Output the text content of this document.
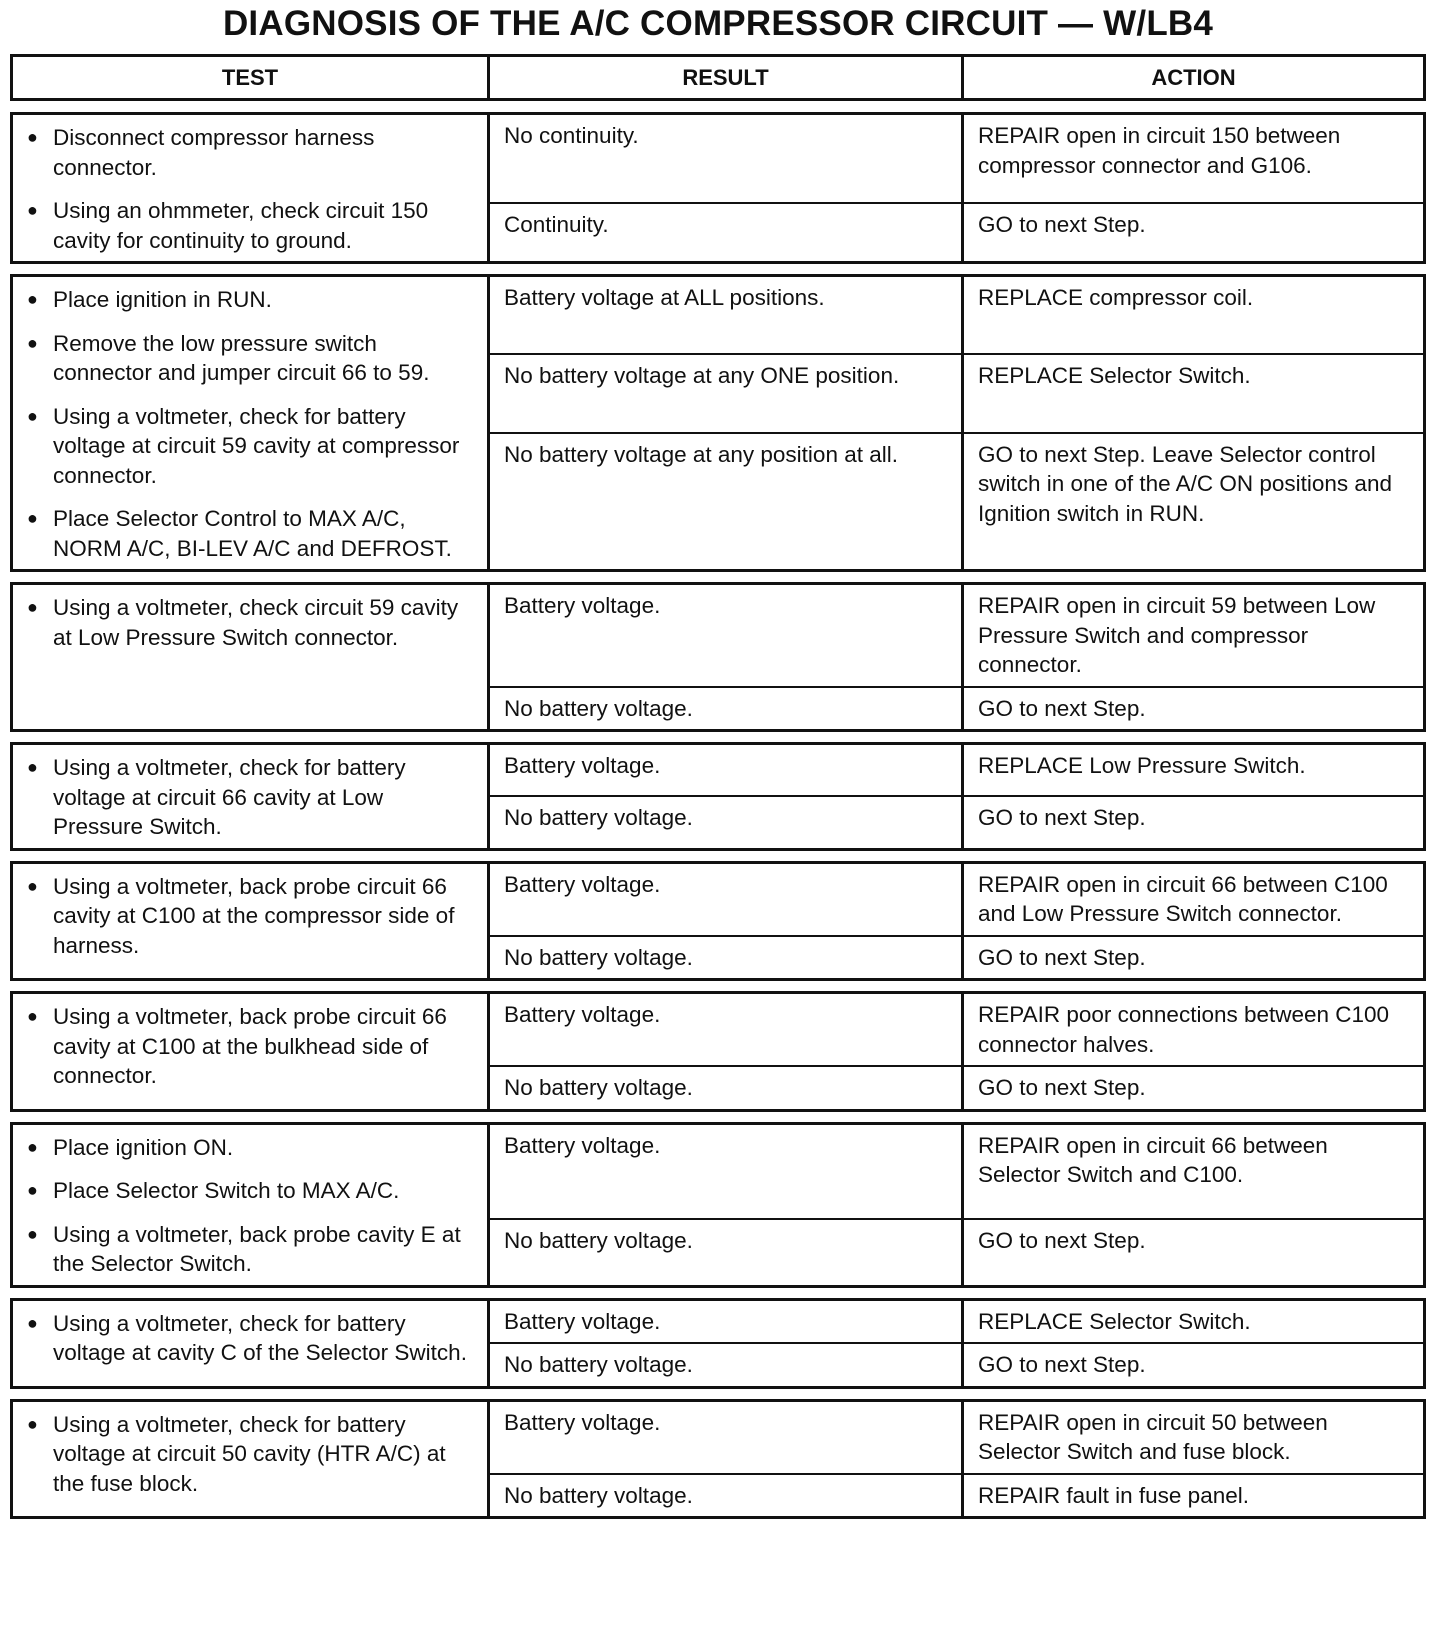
DIAGNOSIS OF THE A/C COMPRESSOR CIRCUIT — W/LB4
TEST	RESULT	ACTION
● Disconnect compressor harness connector.
● Using an ohmmeter, check circuit 150 cavity for continuity to ground.
No continuity.	REPAIR open in circuit 150 between compressor connector and G106.
Continuity.	GO to next Step.
● Place ignition in RUN.
● Remove the low pressure switch connector and jumper circuit 66 to 59.
● Using a voltmeter, check for battery voltage at circuit 59 cavity at compressor connector.
● Place Selector Control to MAX A/C, NORM A/C, BI-LEV A/C and DEFROST.
Battery voltage at ALL positions.	REPLACE compressor coil.
No battery voltage at any ONE position.	REPLACE Selector Switch.
No battery voltage at any position at all.	GO to next Step. Leave Selector control switch in one of the A/C ON positions and Ignition switch in RUN.
● Using a voltmeter, check circuit 59 cavity at Low Pressure Switch connector.
Battery voltage.	REPAIR open in circuit 59 between Low Pressure Switch and compressor connector.
No battery voltage.	GO to next Step.
● Using a voltmeter, check for battery voltage at circuit 66 cavity at Low Pressure Switch.
Battery voltage.	REPLACE Low Pressure Switch.
No battery voltage.	GO to next Step.
● Using a voltmeter, back probe circuit 66 cavity at C100 at the compressor side of harness.
Battery voltage.	REPAIR open in circuit 66 between C100 and Low Pressure Switch connector.
No battery voltage.	GO to next Step.
● Using a voltmeter, back probe circuit 66 cavity at C100 at the bulkhead side of connector.
Battery voltage.	REPAIR poor connections between C100 connector halves.
No battery voltage.	GO to next Step.
● Place ignition ON.
● Place Selector Switch to MAX A/C.
● Using a voltmeter, back probe cavity E at the Selector Switch.
Battery voltage.	REPAIR open in circuit 66 between Selector Switch and C100.
No battery voltage.	GO to next Step.
● Using a voltmeter, check for battery voltage at cavity C of the Selector Switch.
Battery voltage.	REPLACE Selector Switch.
No battery voltage.	GO to next Step.
● Using a voltmeter, check for battery voltage at circuit 50 cavity (HTR A/C) at the fuse block.
Battery voltage.	REPAIR open in circuit 50 between Selector Switch and fuse block.
No battery voltage.	REPAIR fault in fuse panel.
